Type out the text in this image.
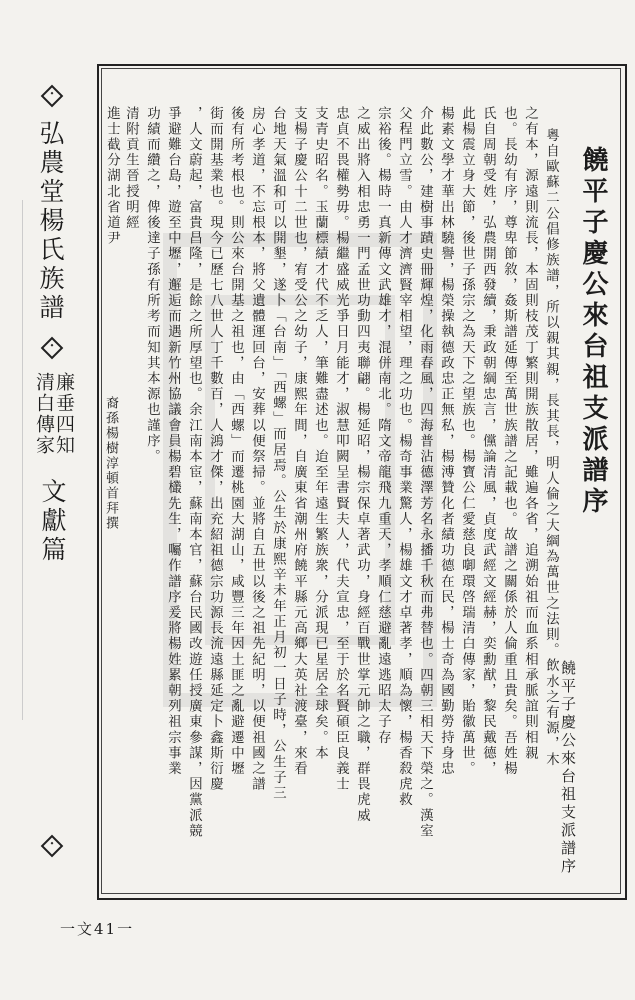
弘農堂楊氏族譜
廉垂四知
清白傳家
文獻篇
饒平子慶公來台祖支派譜序
粵自歐蘇二公倡修族譜，所以親其親，長其長，明人倫之大綱為萬世之法則。飲水之有源，木
之有本，源遠則流長，本固則枝茂丁繁則開族散居，雖遍各省，追溯始祖而血系相承脈誼則相親
也。長幼有序，尊卑節敘，姦斯譜延傳至萬世族譜之記載也。故譜之關係於人倫重且貴矣。吾姓楊
氏自周朝受姓，弘農開西發續，秉政朝綱忠言，儻論清風，貞度武經文經赫，奕勳猷，黎民戴德，
此楊震立身大節，後世子孫宗之為天下之望族也。楊寶公仁愛慈良啣環啓瑞清白傳家，貽徽萬世。
楊素文學才華出林驍譽，楊榮操執德政忠正無私，楊溥贊化者績功德在民，楊士奇為國勤勞持身忠
介此數公，建樹事蹟史冊輝煌，化雨春風，四海普沾德澤芳名永播千秋而弗替也。四朝三相天下榮之。漢室
父程門立雪。由人才濟濟賢宰相望，理之功也。楊奇事業驚人，楊雄文才卓著孝，順為懷，楊香殺虎救
宗裕後。楊時一真新傳文武雄才，混併南北。隋文帝龍飛九重天，孝順仁慈避亂遠逃昭太子存
之威出將入相忠勇一門孟世功動四夷聯翩。楊延昭，楊宗保卓著武功，身經百戰世掌元帥之職，群畏虎威
忠貞不畏權勢毋。楊繼盛威光爭日月能才，淑慧叩闕呈書賢夫人，代夫宣忠，至于於名賢碩臣良義士
支青史昭名。玉蘭標績才代不乏人，筆難盡述也。迨至年遠生繁族衆，分派現已星居全球矣。本
支楊子慶公十二世也，宥受公之幼子，康熙年間，自廣東省潮州府饒平縣元高鄉大英社渡臺，來看
台地天氣溫和可以開墾，遂卜「台南」「西螺」而居焉。公生於康熙辛未年正月初一日子時，公生子三
房心孝道，不忘根本，將父遺體運回台，安葬以便祭掃。並將自五世以後之祖先紀明，以便祖國之譜
後有所考根也。則公來台開基之祖也，由「西螺」而遷桃園大湖山，咸豐三年因土匪之亂避遷中壢
街而開基業也。現今已歷七八世人丁千數百，人鴻才傑，出充紹祖德宗功源長流遠縣延定卜鑫斯衍慶
，人文蔚起，富貴昌隆，是餘之所厚望也。余江南本宦，蘇南本官，蘇台民國改遊任授廣東參謀，因黨派競
爭避難台島，遊至中壢，邂逅而遇新竹州協議會員楊碧欉先生，囑作譜序爰將楊姓累朝列祖宗事業
功績而纘之，俾後達子孫有所考而知其本源也謹序。
清附貢生晉授明經
進士截分湖北省道尹
裔孫楊樹淳頓首拜撰
饒平子慶公來台祖支派譜序
一文41一
